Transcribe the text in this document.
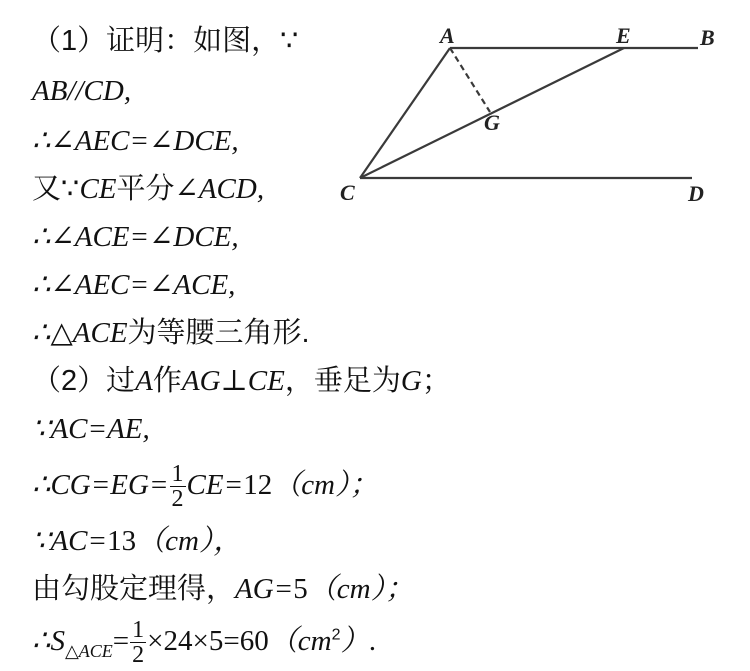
（1）证明：如图，∵
AB//CD,
∴∠AEC=∠DCE,
又∵CE平分∠ACD,
∴∠ACE=∠DCE,
∴∠AEC=∠ACE,
∴△ACE为等腰三角形.
（2）过A作AG⊥CE，垂足为G；
∵AC=AE,
∴CG=EG= $\frac{1}{2} CE=12(cm)$；
∵AC=13（cm），
由勾股定理得，AG=5（cm）；
$\therefore S_{\triangle ACE}= \frac{1}{2} \times 24\times 5=60(cm^2)$.
A	E	B
G
C	D
